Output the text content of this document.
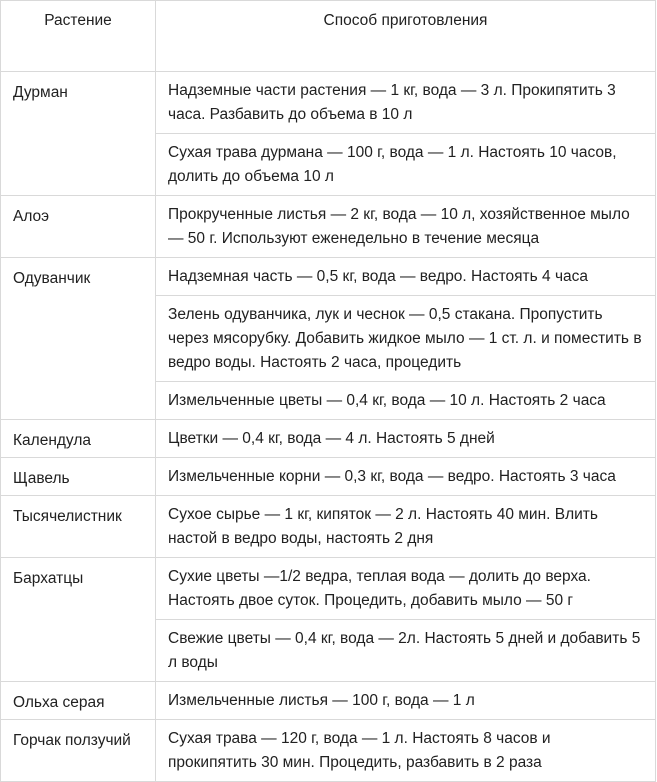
Растение	Способ приготовления
Дурман	Надземные части растения — 1 кг, вода — 3 л. Прокипятить 3 часа. Разбавить до объема в 10 л
	Сухая трава дурмана — 100 г, вода — 1 л. Настоять 10 часов, долить до объема 10 л
Алоэ	Прокрученные листья — 2 кг, вода — 10 л, хозяйственное мыло — 50 г. Используют еженедельно в течение месяца
Одуванчик	Надземная часть — 0,5 кг, вода — ведро. Настоять 4 часа
	Зелень одуванчика, лук и чеснок — 0,5 стакана. Пропустить через мясорубку. Добавить жидкое мыло — 1 ст. л. и поместить в ведро воды. Настоять 2 часа, процедить
	Измельченные цветы — 0,4 кг, вода — 10 л. Настоять 2 часа
Календула	Цветки — 0,4 кг, вода — 4 л. Настоять 5 дней
Щавель	Измельченные корни — 0,3 кг, вода — ведро. Настоять 3 часа
Тысячелистник	Сухое сырье — 1 кг, кипяток — 2 л. Настоять 40 мин. Влить настой в ведро воды, настоять 2 дня
Бархатцы	Сухие цветы —1/2 ведра, теплая вода — долить до верха. Настоять двое суток. Процедить, добавить мыло — 50 г
	Свежие цветы — 0,4 кг, вода — 2л. Настоять 5 дней и добавить 5 л воды
Ольха серая	Измельченные листья — 100 г, вода — 1 л
Горчак ползучий	Сухая трава — 120 г, вода — 1 л. Настоять 8 часов и прокипятить 30 мин. Процедить, разбавить в 2 раза
